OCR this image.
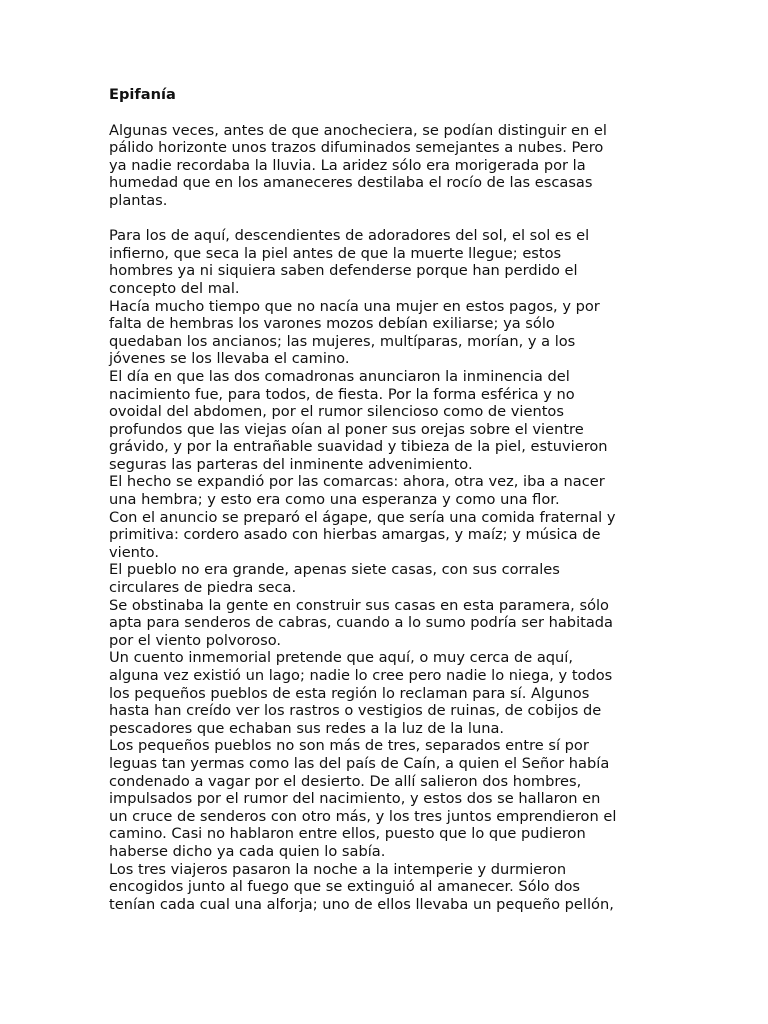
Epifanía

Algunas veces, antes de que anocheciera, se podían distinguir en el
pálido horizonte unos trazos difuminados semejantes a nubes. Pero
ya nadie recordaba la lluvia. La aridez sólo era morigerada por la
humedad que en los amaneceres destilaba el rocío de las escasas
plantas.

Para los de aquí, descendientes de adoradores del sol, el sol es el
infierno, que seca la piel antes de que la muerte llegue; estos
hombres ya ni siquiera saben defenderse porque han perdido el
concepto del mal.

Hacía mucho tiempo que no nacía una mujer en estos pagos, y por
falta de hembras los varones mozos debían exiliarse; ya sólo
quedaban los ancianos; las mujeres, multíparas, morían, y a los
jóvenes se los llevaba el camino.

El día en que las dos comadronas anunciaron la inminencia del
nacimiento fue, para todos, de fiesta. Por la forma esférica y no
ovoidal del abdomen, por el rumor silencioso como de vientos
profundos que las viejas oían al poner sus orejas sobre el vientre
grávido, y por la entrañable suavidad y tibieza de la piel, estuvieron
seguras las parteras del inminente advenimiento.

El hecho se expandió por las comarcas: ahora, otra vez, iba a nacer
una hembra; y esto era como una esperanza y como una flor.

Con el anuncio se preparó el ágape, que sería una comida fraternal y
primitiva: cordero asado con hierbas amargas, y maíz; y música de
viento.

El pueblo no era grande, apenas siete casas, con sus corrales
circulares de piedra seca.

Se obstinaba la gente en construir sus casas en esta paramera, sólo
apta para senderos de cabras, cuando a lo sumo podría ser habitada
por el viento polvoroso.

Un cuento inmemorial pretende que aquí, o muy cerca de aquí,
alguna vez existió un lago; nadie lo cree pero nadie lo niega, y todos
los pequeños pueblos de esta región lo reclaman para sí. Algunos
hasta han creído ver los rastros o vestigios de ruinas, de cobijos de
pescadores que echaban sus redes a la luz de la luna.

Los pequeños pueblos no son más de tres, separados entre sí por
leguas tan yermas como las del país de Caín, a quien el Señor había
condenado a vagar por el desierto. De allí salieron dos hombres,
impulsados por el rumor del nacimiento, y estos dos se hallaron en
un cruce de senderos con otro más, y los tres juntos emprendieron el
camino. Casi no hablaron entre ellos, puesto que lo que pudieron
haberse dicho ya cada quien lo sabía.

Los tres viajeros pasaron la noche a la intemperie y durmieron
encogidos junto al fuego que se extinguió al amanecer. Sólo dos
tenían cada cual una alforja; uno de ellos llevaba un pequeño pellón,
